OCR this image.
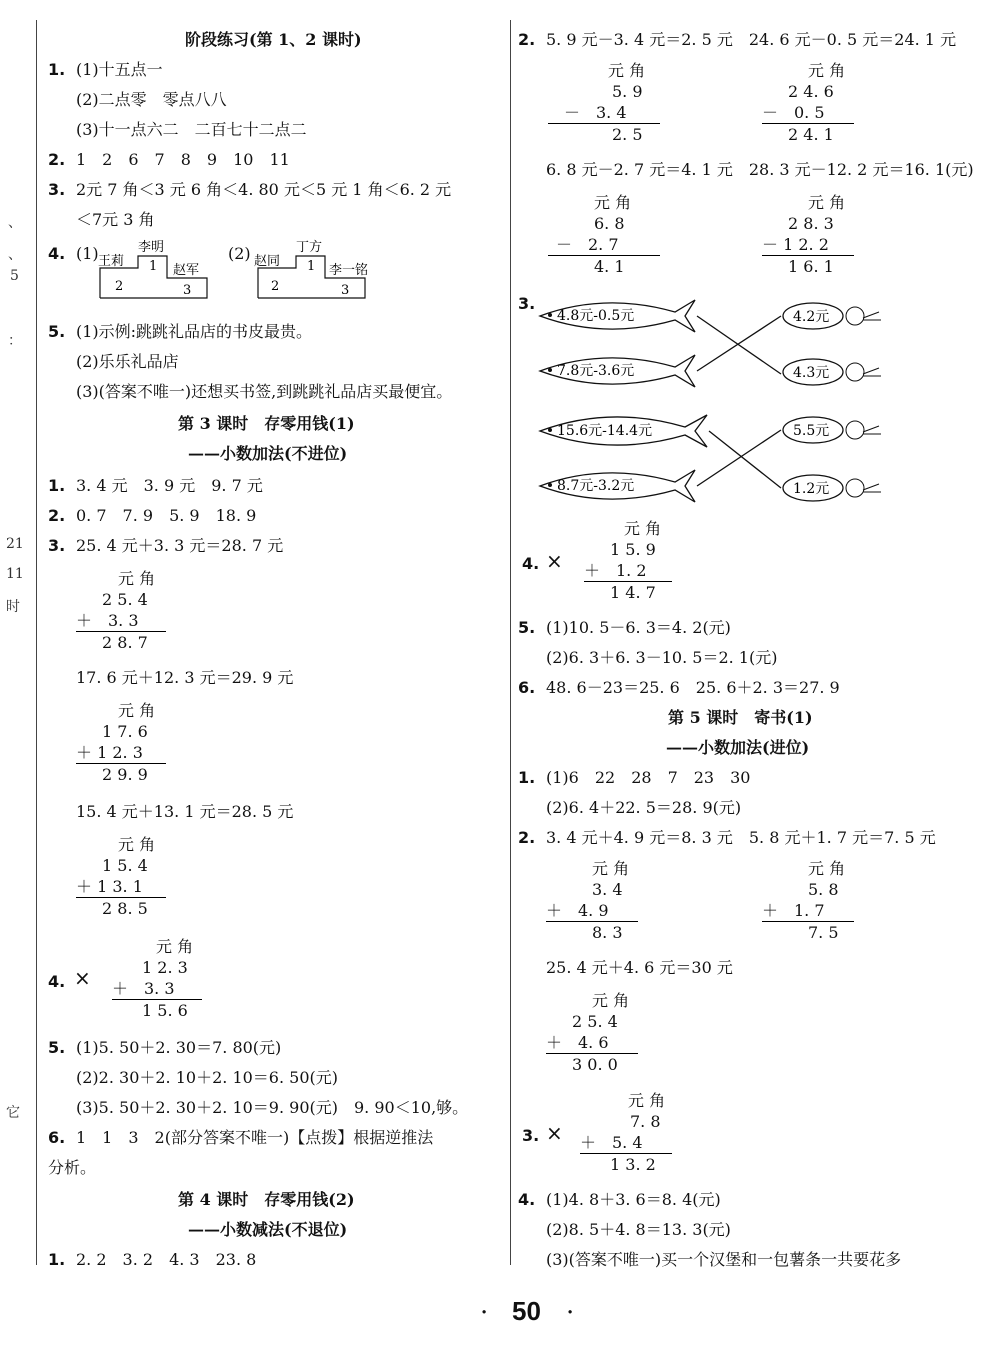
、
、
5
：
21
11
时
它
阶段练习(第 1、2 课时)
1. (1)十五点一
(2)二点零　零点八八
(3)十一点六二　二百七十二点二
2. 1　2　6　7　8　9　10　11
3. 2元 7 角＜3 元 6 角＜4. 80 元＜5 元 1 角＜6. 2 元
＜7元 3 角
4. (1)	(2)
李明
王莉
赵军
1
2	3
丁方
赵同
李一铭
1
2	3
5. (1)示例:跳跳礼品店的书皮最贵。
(2)乐乐礼品店
(3)(答案不唯一)还想买书签,到跳跳礼品店买最便宜。
第 3 课时　存零用钱(1)
——小数加法(不进位)
1. 3. 4 元　3. 9 元　9. 7 元
2. 0. 7　7. 9　5. 9　18. 9
3. 25. 4 元＋3. 3 元＝28. 7 元
元 角
2 5. 4
＋　3. 3
2 8. 7
17. 6 元＋12. 3 元＝29. 9 元
元 角
1 7. 6
＋ 1 2. 3
2 9. 9
15. 4 元＋13. 1 元＝28. 5 元
元 角
1 5. 4
＋ 1 3. 1
2 8. 5
4. ×
元 角
1 2. 3
＋　3. 3
1 5. 6
5. (1)5. 50＋2. 30＝7. 80(元)
(2)2. 30＋2. 10＋2. 10＝6. 50(元)
(3)5. 50＋2. 30＋2. 10＝9. 90(元)　9. 90＜10,够。
6. 1　1　3　2(部分答案不唯一)【点拨】根据逆推法
分析。
第 4 课时　存零用钱(2)
——小数减法(不退位)
1. 2. 2　3. 2　4. 3　23. 8
2. 5. 9 元－3. 4 元＝2. 5 元　24. 6 元－0. 5 元＝24. 1 元
元 角
5. 9
－　3. 4
2. 5
元 角
2 4. 6
－　0. 5
2 4. 1
6. 8 元－2. 7 元＝4. 1 元　28. 3 元－12. 2 元＝16. 1(元)
元 角
6. 8
－　2. 7
4. 1
元 角
2 8. 3
－ 1 2. 2
1 6. 1
3.
4.8元-0.5元
7.8元-3.6元
15.6元-14.4元
8.7元-3.2元
4.2元
4.3元
5.5元
1.2元
4. ×
元 角
1 5. 9
＋　1. 2
1 4. 7
5. (1)10. 5－6. 3＝4. 2(元)
(2)6. 3＋6. 3－10. 5＝2. 1(元)
6. 48. 6－23＝25. 6　25. 6＋2. 3＝27. 9
第 5 课时　寄书(1)
——小数加法(进位)
1. (1)6　22　28　7　23　30
(2)6. 4＋22. 5＝28. 9(元)
2. 3. 4 元＋4. 9 元＝8. 3 元　5. 8 元＋1. 7 元＝7. 5 元
元 角
3. 4
＋　4. 9
8. 3
元 角
5. 8
＋　1. 7
7. 5
25. 4 元＋4. 6 元＝30 元
元 角
2 5. 4
＋　4. 6
3 0. 0
3. ×
元 角
7. 8
＋　5. 4
1 3. 2
4. (1)4. 8＋3. 6＝8. 4(元)
(2)8. 5＋4. 8＝13. 3(元)
(3)(答案不唯一)买一个汉堡和一包薯条一共要花多
· 50 ·
